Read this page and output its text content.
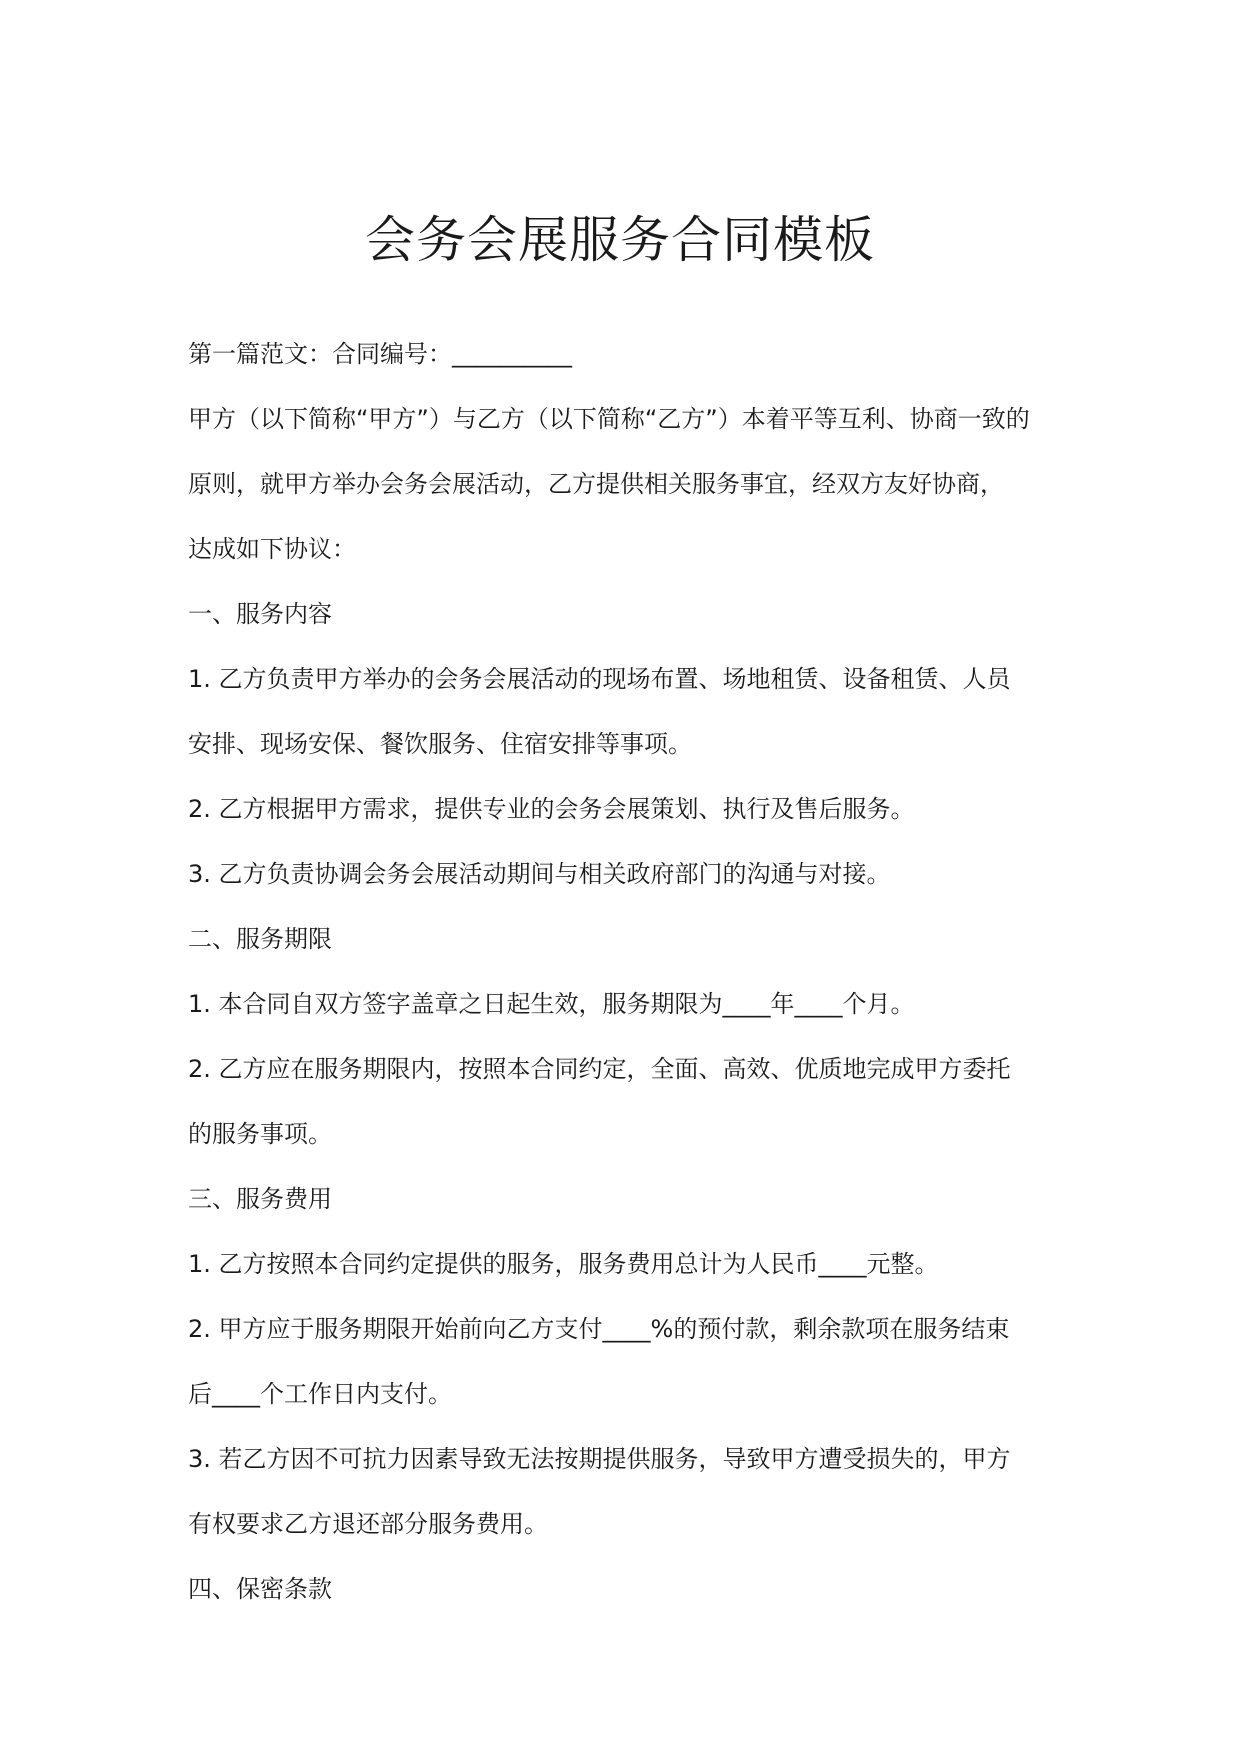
会务会展服务合同模板

第一篇范文：合同编号：__________

甲方（以下简称“甲方”）与乙方（以下简称“乙方”）本着平等互利、协商一致的

原则，就甲方举办会务会展活动，乙方提供相关服务事宜，经双方友好协商，

达成如下协议：

一、服务内容

1. 乙方负责甲方举办的会务会展活动的现场布置、场地租赁、设备租赁、人员

安排、现场安保、餐饮服务、住宿安排等事项。

2. 乙方根据甲方需求，提供专业的会务会展策划、执行及售后服务。

3. 乙方负责协调会务会展活动期间与相关政府部门的沟通与对接。

二、服务期限

1. 本合同自双方签字盖章之日起生效，服务期限为____年____个月。

2. 乙方应在服务期限内，按照本合同约定，全面、高效、优质地完成甲方委托

的服务事项。

三、服务费用

1. 乙方按照本合同约定提供的服务，服务费用总计为人民币____元整。

2. 甲方应于服务期限开始前向乙方支付____%的预付款，剩余款项在服务结束

后____个工作日内支付。

3. 若乙方因不可抗力因素导致无法按期提供服务，导致甲方遭受损失的，甲方

有权要求乙方退还部分服务费用。

四、保密条款
